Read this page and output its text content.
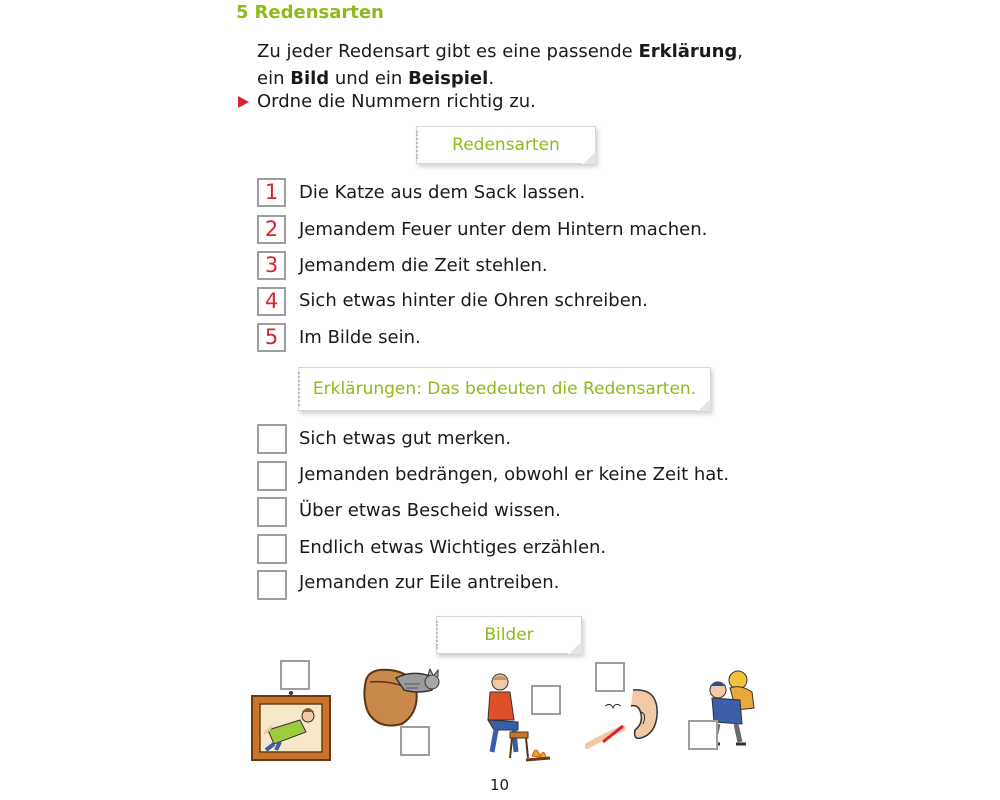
5 Redensarten
Zu jeder Redensart gibt es eine passende Erklärung,
ein Bild und ein Beispiel.
Ordne die Nummern richtig zu.
Redensarten
1	Die Katze aus dem Sack lassen.
2	Jemandem Feuer unter dem Hintern machen.
3	Jemandem die Zeit stehlen.
4	Sich etwas hinter die Ohren schreiben.
5	Im Bilde sein.
Erklärungen: Das bedeuten die Redensarten.
Sich etwas gut merken.
Jemanden bedrängen, obwohl er keine Zeit hat.
Über etwas Bescheid wissen.
Endlich etwas Wichtiges erzählen.
Jemanden zur Eile antreiben.
Bilder
10
